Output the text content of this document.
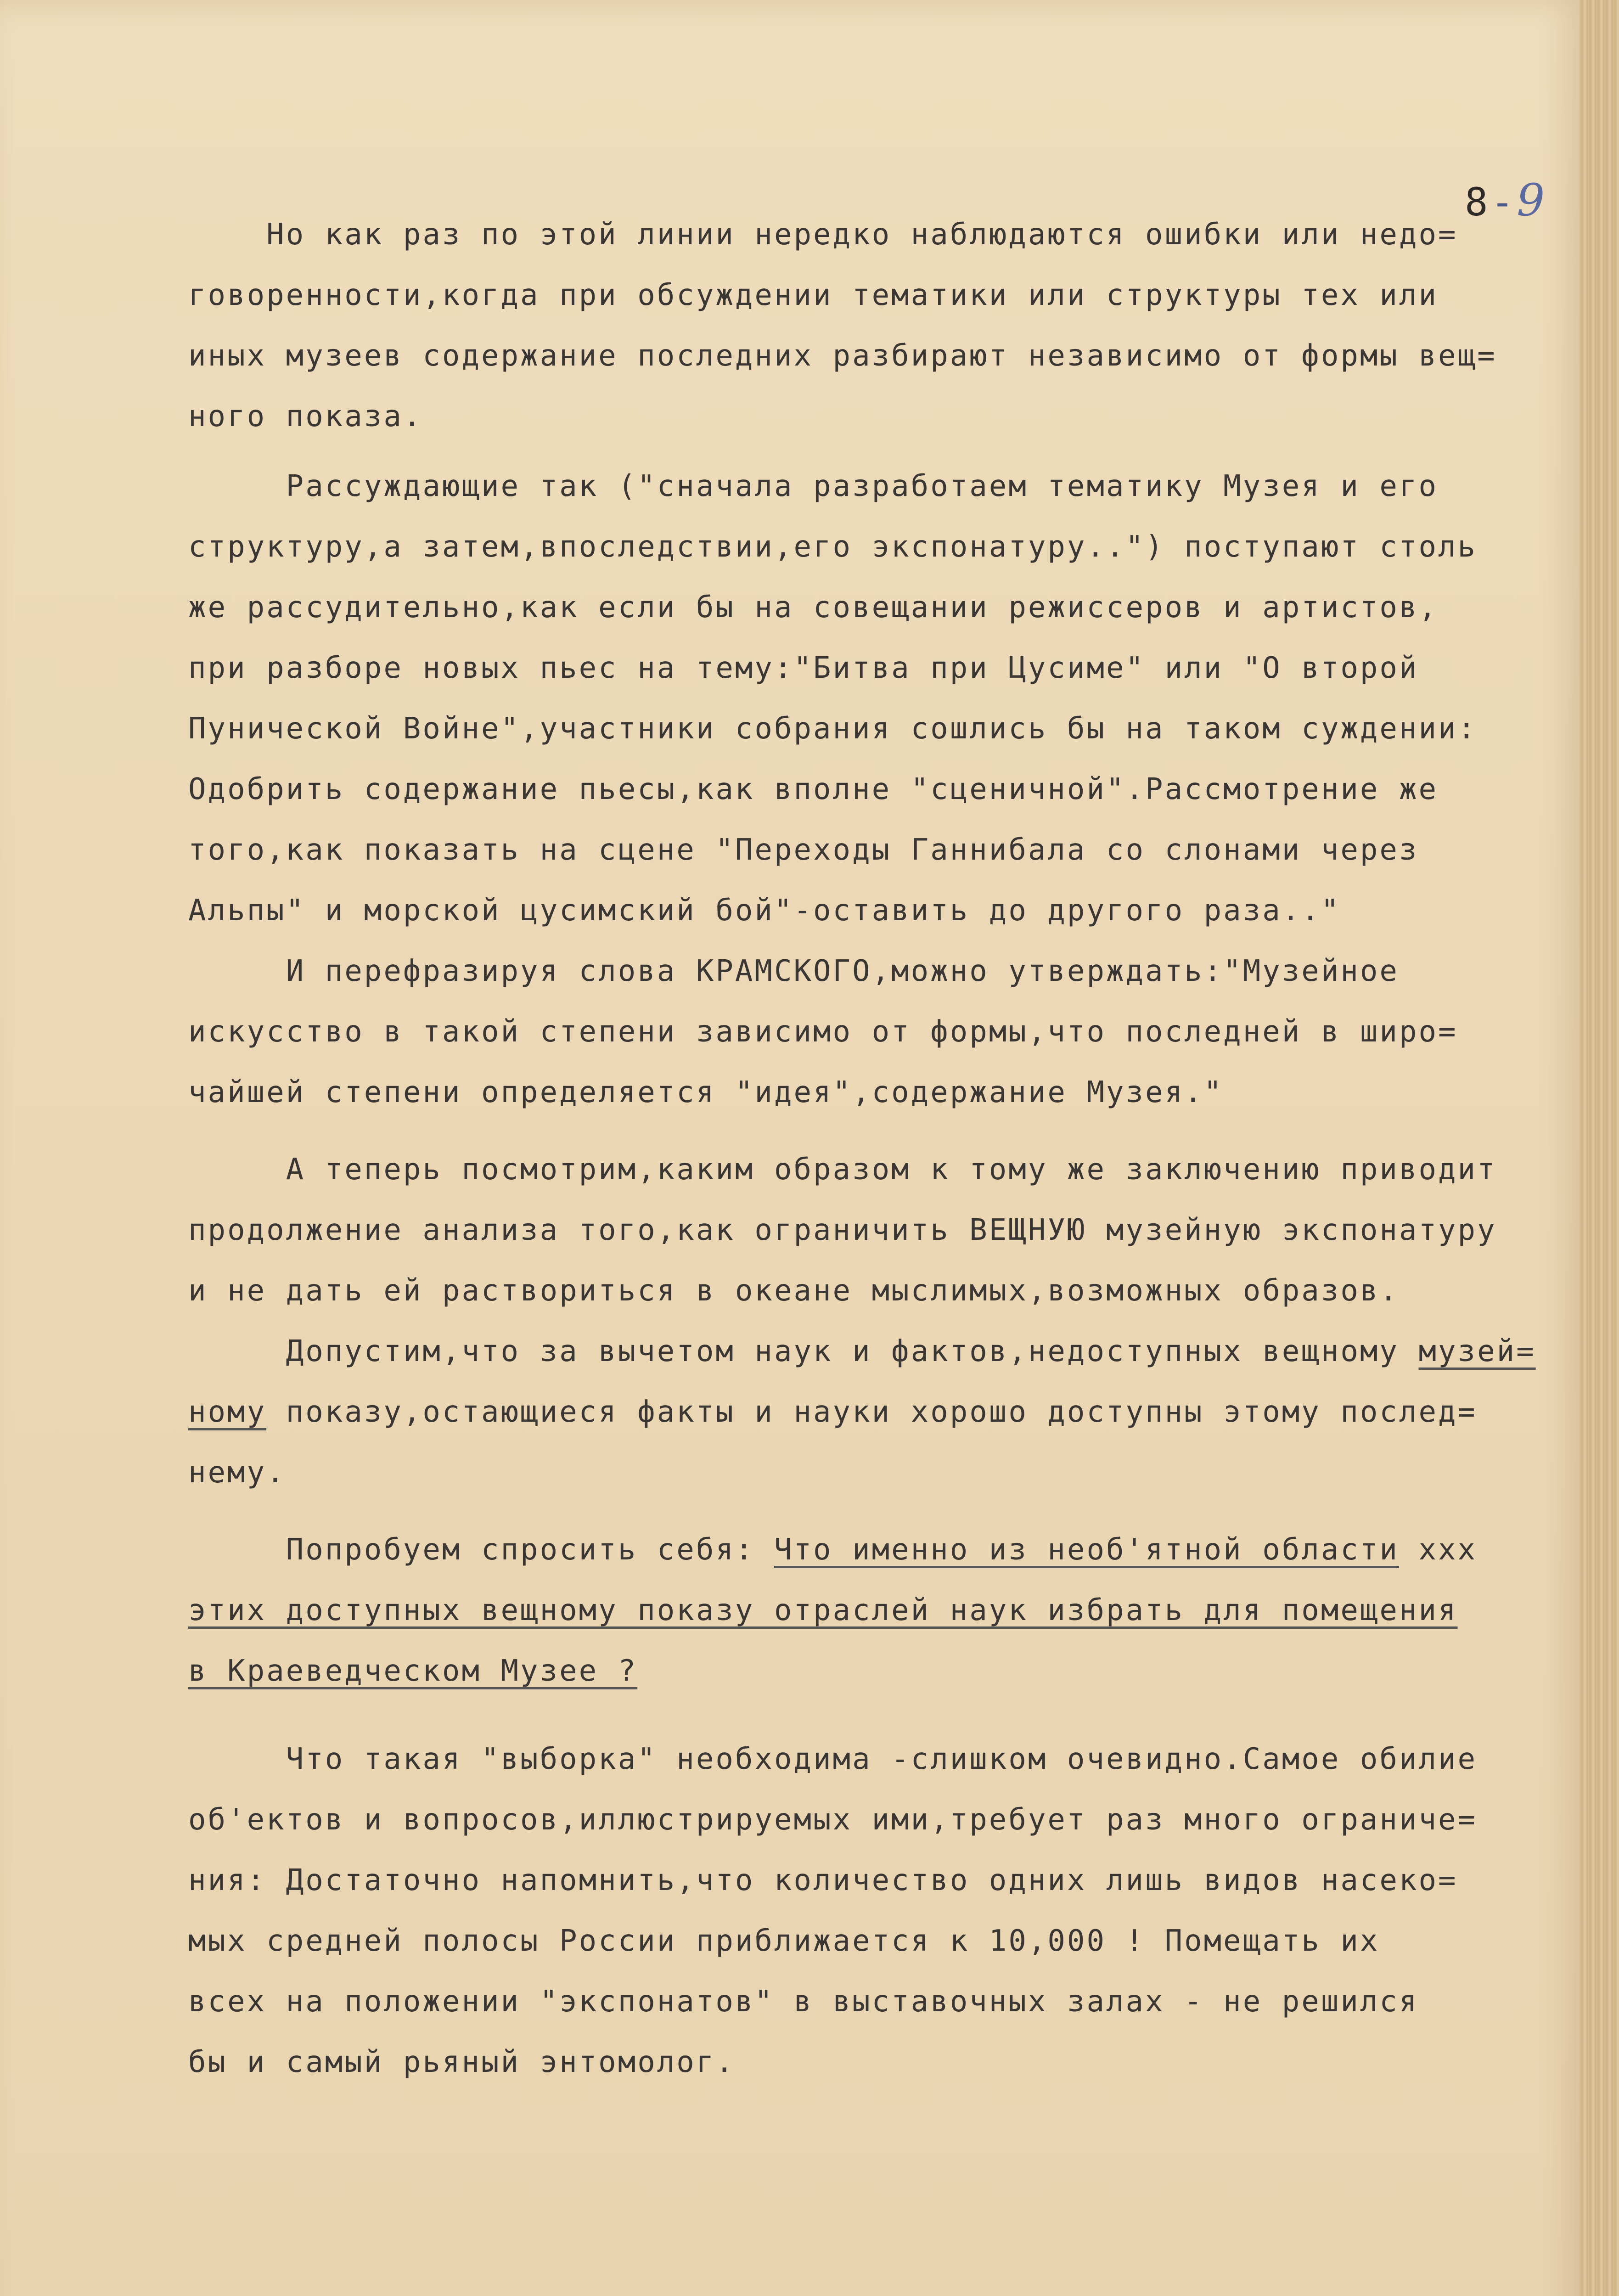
8-9
Но как раз по этой линии нередко наблюдаются ошибки или недо=
говоренности,когда при обсуждении тематики или структуры тех или
иных музеев содержание последних разбирают независимо от формы вещ=
ного показа.
Рассуждающие так ("сначала разработаем тематику Музея и его
структуру,а затем,впоследствии,его экспонатуру..") поступают столь
же рассудительно,как если бы на совещании режиссеров и артистов,
при разборе новых пьес на тему:"Битва при Цусиме" или "О второй
Пунической Войне",участники собрания сошлись бы на таком суждении:
Одобрить содержание пьесы,как вполне "сценичной".Рассмотрение же
того,как показать на сцене "Переходы Ганнибала со слонами через
Альпы" и морской цусимский бой"-оставить до другого раза.."
И перефразируя слова КРАМСКОГО,можно утверждать:"Музейное
искусство в такой степени зависимо от формы,что последней в широ=
чайшей степени определяется "идея",содержание Музея."
А теперь посмотрим,каким образом к тому же заключению приводит
продолжение анализа того,как ограничить ВЕЩНУЮ музейную экспонатуру
и не дать ей раствориться в океане мыслимых,возможных образов.
Допустим,что за вычетом наук и фактов,недоступных вещному музей=
ному показу,остающиеся факты и науки хорошо доступны этому послед=
нему.
Попробуем спросить себя: Что именно из необ'ятной области xxx
этих доступных вещному показу отраслей наук избрать для помещения
в Краеведческом Музее ?
Что такая "выборка" необходима -слишком очевидно.Самое обилие
об'ектов и вопросов,иллюстрируемых ими,требует раз много ограниче=
ния: Достаточно напомнить,что количество одних лишь видов насеко=
мых средней полосы России приближается к 10,000 ! Помещать их
всех на положении "экспонатов" в выставочных залах - не решился
бы и самый рьяный энтомолог.
